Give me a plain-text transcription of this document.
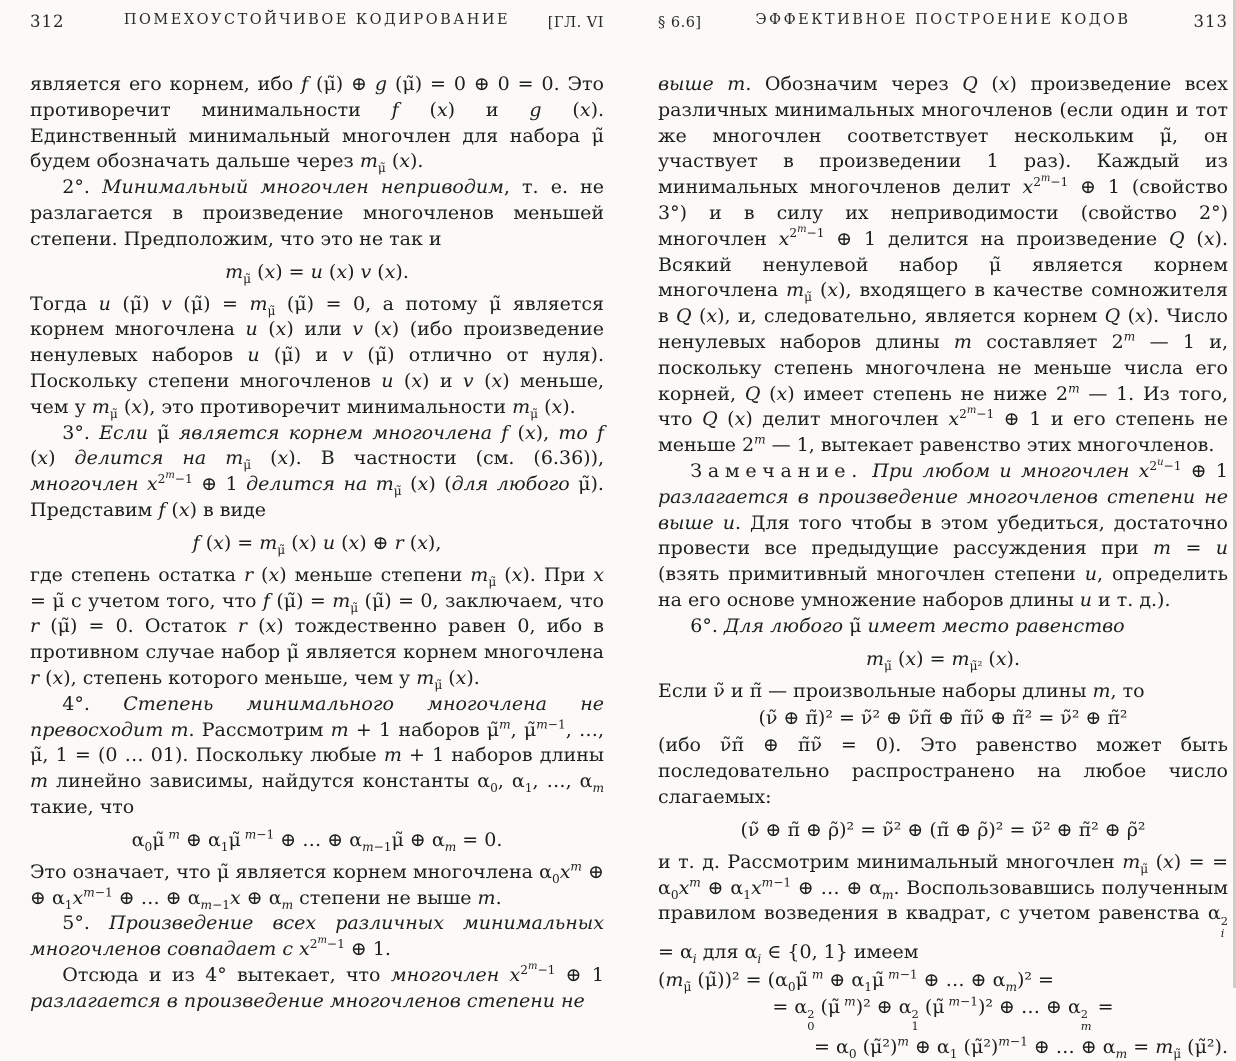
312	ПОМЕХОУСТОЙЧИВОЕ КОДИРОВАНИЕ	[ГЛ. VI

является его корнем, ибо f (μ̃) ⊕ g (μ̃) = 0 ⊕ 0 = 0. Это противоречит минимальности f (x) и g (x). Единственный минимальный многочлен для набора μ̃ будем обозначать дальше через $m_{\mũ}$ (x).

2°. Минимальный многочлен неприводим, т. е. не разлагается в произведение многочленов меньшей степени. Предположим, что это не так и

$m_{\mũ}$ (x) = u (x) v (x).

Тогда u (μ̃) v (μ̃) = $m_{\mũ}$ (μ̃) = 0, а потому μ̃ является корнем многочлена u (x) или v (x) (ибо произведение ненулевых наборов u (μ̃) и v (μ̃) отлично от нуля). Поскольку степени многочленов u (x) и v (x) меньше, чем у $m_{\mũ}$ (x), это противоречит минимальности $m_{\mũ}$ (x).

3°. Если μ̃ является корнем многочлена f (x), то f (x) делится на $m_{\mũ}$ (x). В частности (см. (6.36)), многочлен $x^{2^m-1}$ ⊕ 1 делится на $m_{\mũ}$ (x) (для любого μ̃). Представим f (x) в виде

f $(x) = m_{\mũ}$ (x) u (x) ⊕ r (x),

где степень остатка r (x) меньше степени $m_{\mũ}$ (x). При x = μ̃ с учетом того, что f (μ̃) = $m_{\mũ}$ (μ̃) = 0, заключаем, что r (μ̃) = 0. Остаток r (x) тождественно равен 0, ибо в противном случае набор μ̃ является корнем многочлена r (x), степень которого меньше, чем у $m_{\mũ}$ (x).

4°. Степень минимального многочлена не превосходит m. Рассмотрим m + 1 наборов μ̃$^m$, μ̃$^{m-1}$, …, μ̃, 1 = (0 … 01). Поскольку любые m + 1 наборов длины m линейно зависимы, найдутся константы $\alpha_0$, $\alpha_1$, …, $\alpha_m$ такие, что

$\alpha_0\mũ$ $^m$ ⊕ $\alpha_1\mũ$ $^{m-1}$ ⊕ … ⊕ $\alpha_{m-1}\mũ$ ⊕ $\alpha_m = 0$.

Это означает, что μ̃ является корнем многочлена $\alpha_0x^m$ ⊕ ⊕ $\alpha_1x^{m-1}$ ⊕ … ⊕ $\alpha_{m-1}x$ ⊕ $\alpha_m$ степени не выше m.

5°. Произведение всех различных минимальных многочленов совпадает с $x^{2^m-1}$ ⊕ 1.

Отсюда и из 4° вытекает, что многочлен $x^{2^m-1}$ ⊕ 1 разлагается в произведение многочленов степени не

§ 6.6]	ЭФФЕКТИВНОЕ ПОСТРОЕНИЕ КОДОВ	313

выше m. Обозначим через Q (x) произведение всех различных минимальных многочленов (если один и тот же многочлен соответствует нескольким μ̃, он участвует в произведении 1 раз). Каждый из минимальных многочленов делит $x^{2^m-1}$ ⊕ 1 (свойство 3°) и в силу их неприводимости (свойство 2°) многочлен $x^{2^m-1}$ ⊕ 1 делится на произведение Q (x). Всякий ненулевой набор μ̃ является корнем многочлена $m_{\mũ}$ (x), входящего в качестве сомножителя в Q (x), и, следовательно, является корнем Q (x). Число ненулевых наборов длины m составляет 2$^m$ — 1 и, поскольку степень многочлена не меньше числа его корней, Q (x) имеет степень не ниже 2$^m$ — 1. Из того, что Q (x) делит многочлен $x^{2^m-1}$ ⊕ 1 и его степень не меньше 2$^m$ — 1, вытекает равенство этих многочленов.

Замечание. При любом u многочлен $x^{2^u-1}$ ⊕ 1 разлагается в произведение многочленов степени не выше u. Для того чтобы в этом убедиться, достаточно провести все предыдущие рассуждения при m = u (взять примитивный многочлен степени u, определить на его основе умножение наборов длины u и т. д.).

6°. Для любого μ̃ имеет место равенство

$m_{\mũ}$ $(x) = m_{\mũ^2}$ (x).

Если ν̃ и π̃ — произвольные наборы длины m, то

(ν̃ ⊕ π̃)² = ν̃² ⊕ ν̃π̃ ⊕ π̃ν̃ ⊕ π̃² = ν̃² ⊕ π̃²

(ибо ν̃π̃ ⊕ π̃ν̃ = 0). Это равенство может быть последовательно распространено на любое число слагаемых:

(ν̃ ⊕ π̃ ⊕ ρ̃)² = ν̃² ⊕ (π̃ ⊕ ρ̃)² = ν̃² ⊕ π̃² ⊕ ρ̃²

и т. д. Рассмотрим минимальный многочлен $m_{\mũ}$ (x) = = $\alpha_0x^m$ ⊕ $\alpha_1x^{m-1}$ ⊕ … ⊕ $\alpha_m$. Воспользовавшись полученным правилом возведения в квадрат, с учетом равенства α 2
i
= $\alpha_i$ для $\alpha_i$ ∈ {0, 1} имеем

($m_{\mũ}$ (μ̃))² = ($\alpha_0\mũ$ $^m$ ⊕ $\alpha_1\mũ$ $^{m-1}$ ⊕ … ⊕ $\alpha_m)^2$ =
= α 2
0
(μ̃ $^m$)² ⊕ α 2
1
(μ̃ $^{m-1}$)² ⊕ … ⊕ α 2
m
=
= $\alpha_0$ (μ̃²)$^m$ ⊕ $\alpha_1$ (μ̃²)$^{m-1}$ ⊕ … ⊕ $\alpha_m = m_{\mũ}$ (μ̃²).
